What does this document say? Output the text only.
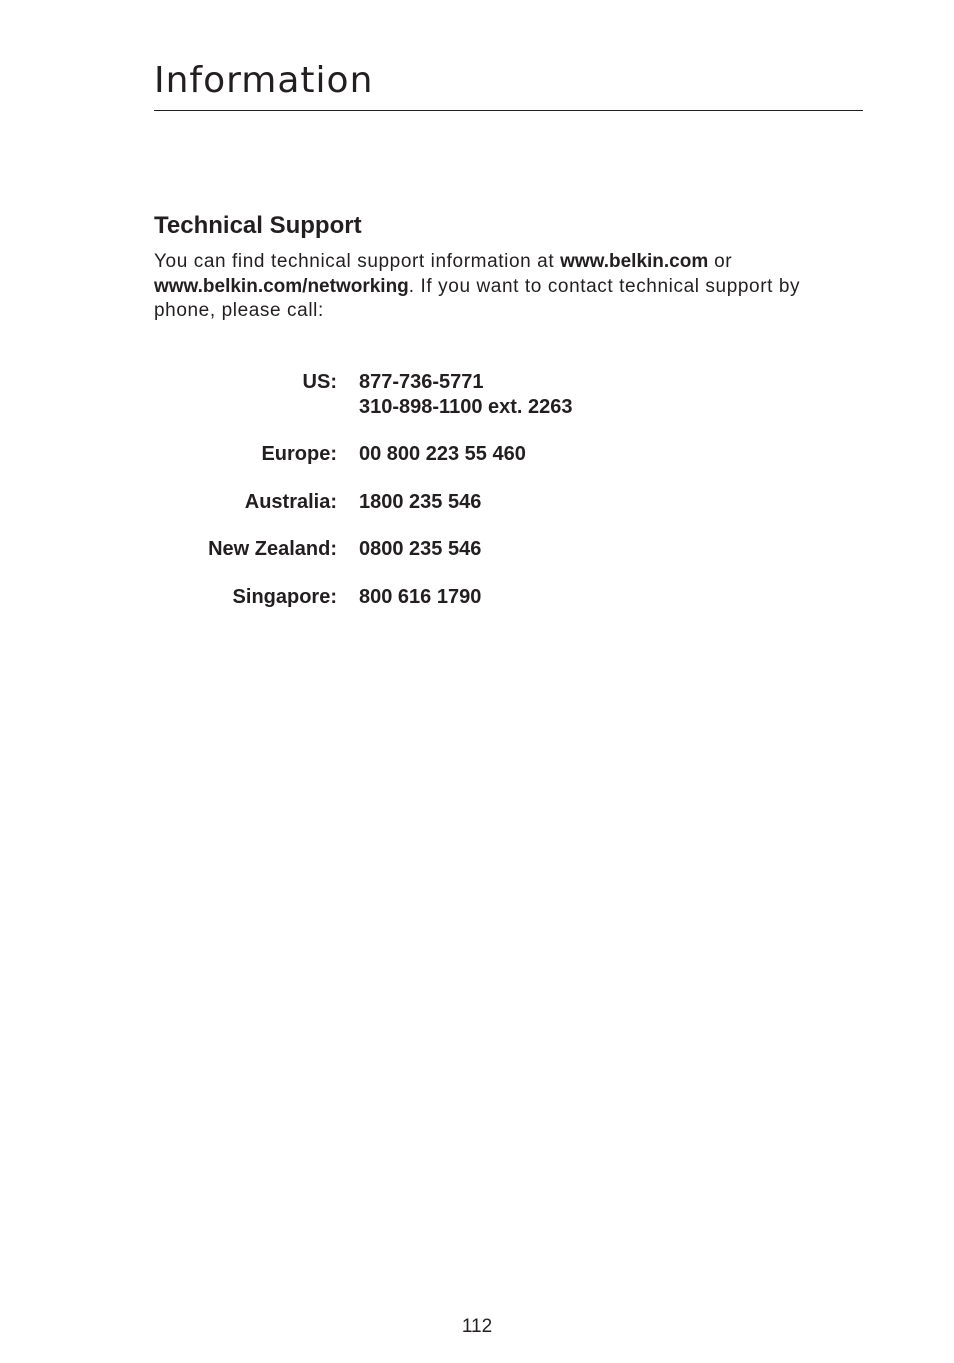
Information
Technical Support

You can find technical support information at www.belkin.com or www.belkin.com/networking. If you want to contact technical support by phone, please call:

US: 877-736-5771
310-898-1100 ext. 2263
Europe: 00 800 223 55 460
Australia: 1800 235 546
New Zealand: 0800 235 546
Singapore: 800 616 1790
112
